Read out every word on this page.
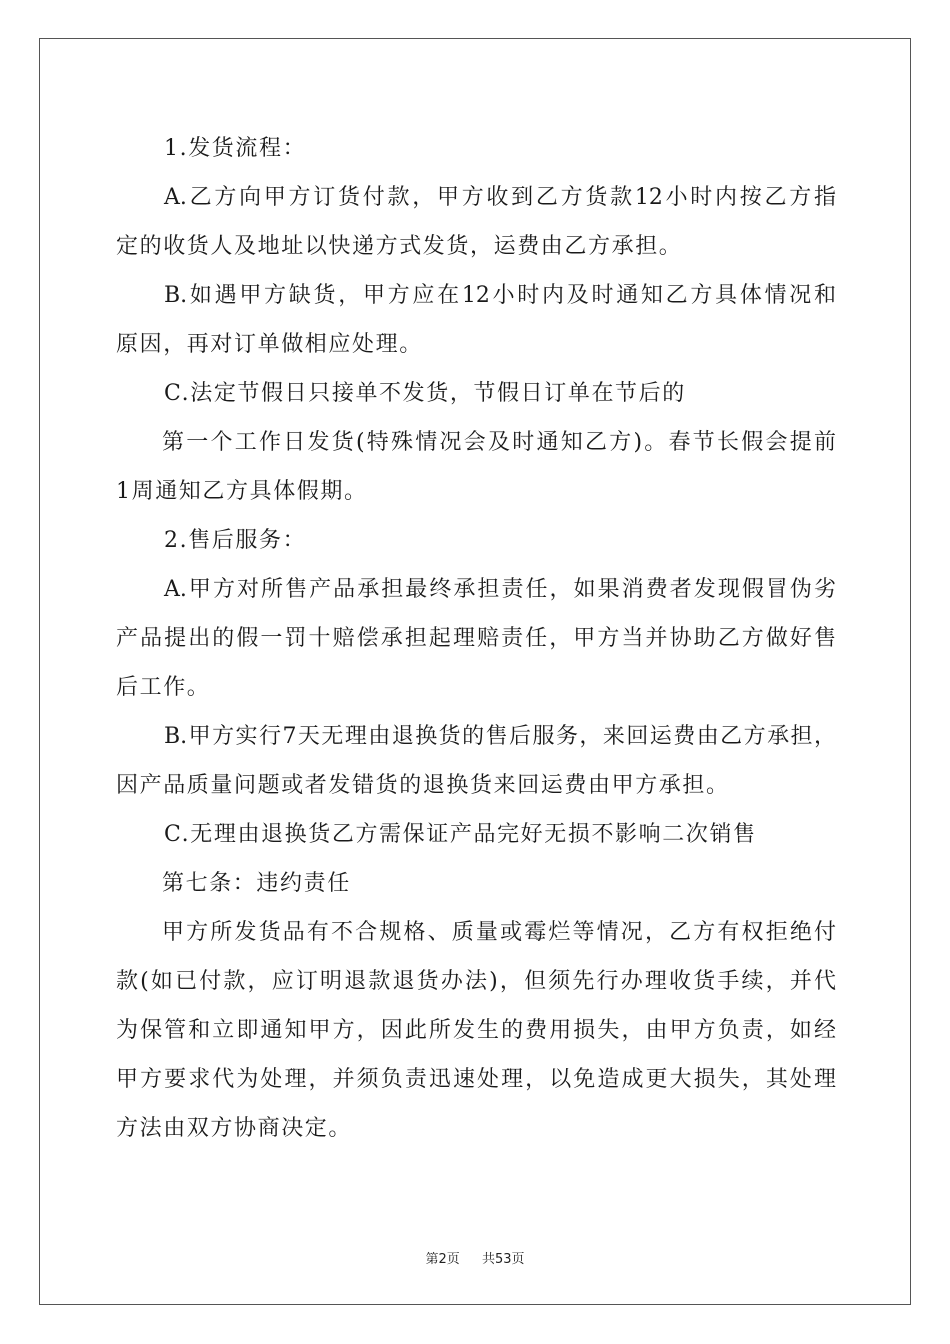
1.发货流程：
A.乙方向甲方订货付款，甲方收到乙方货款12小时内按乙方指
定的收货人及地址以快递方式发货，运费由乙方承担。
B.如遇甲方缺货，甲方应在12小时内及时通知乙方具体情况和
原因，再对订单做相应处理。
C.法定节假日只接单不发货，节假日订单在节后的
第一个工作日发货(特殊情况会及时通知乙方)。春节长假会提前
1周通知乙方具体假期。
2.售后服务：
A.甲方对所售产品承担最终承担责任，如果消费者发现假冒伪劣
产品提出的假一罚十赔偿承担起理赔责任，甲方当并协助乙方做好售
后工作。
B.甲方实行7天无理由退换货的售后服务，来回运费由乙方承担，
因产品质量问题或者发错货的退换货来回运费由甲方承担。
C.无理由退换货乙方需保证产品完好无损不影响二次销售
第七条：违约责任
甲方所发货品有不合规格、质量或霉烂等情况，乙方有权拒绝付
款(如已付款，应订明退款退货办法)，但须先行办理收货手续，并代
为保管和立即通知甲方，因此所发生的费用损失，由甲方负责，如经
甲方要求代为处理，并须负责迅速处理，以免造成更大损失，其处理
方法由双方协商决定。
第2页 共53页
